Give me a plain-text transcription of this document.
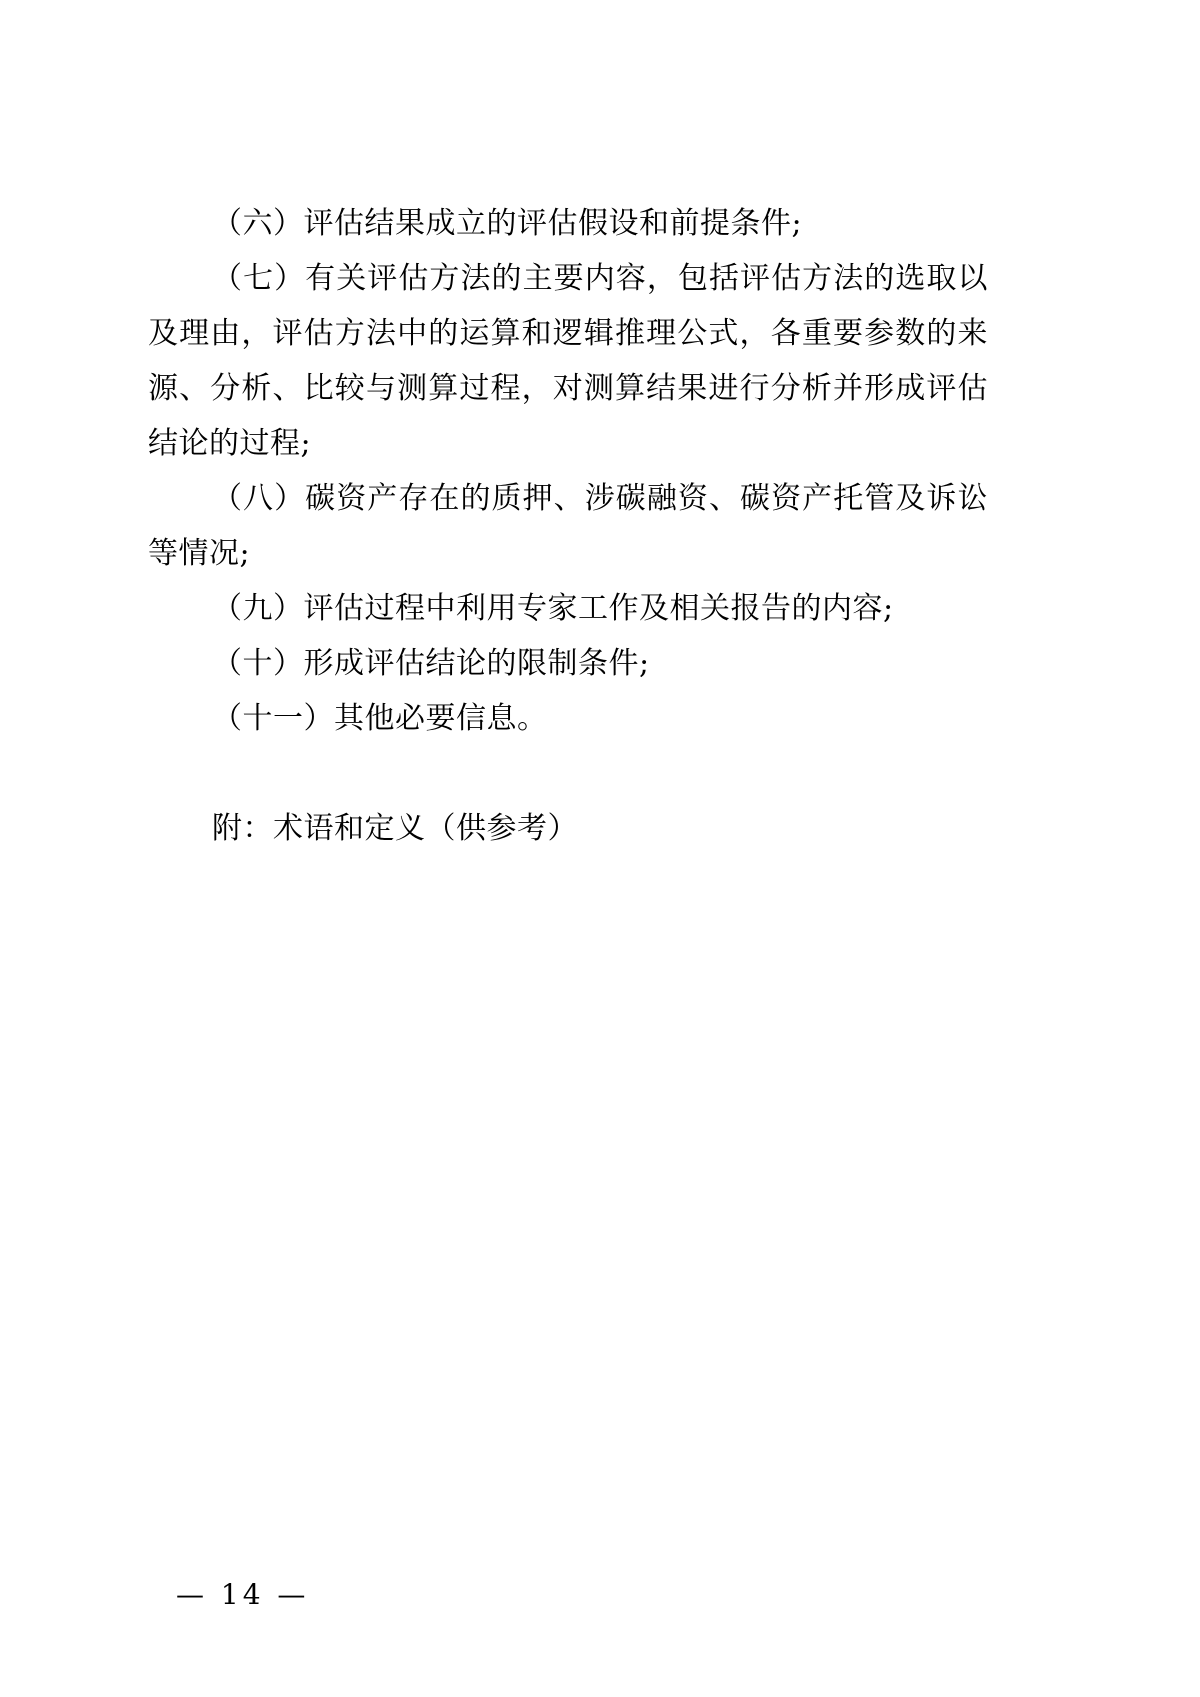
（六）评估结果成立的评估假设和前提条件;

（七）有关评估方法的主要内容，包括评估方法的选取以及理由，评估方法中的运算和逻辑推理公式，各重要参数的来源、分析、比较与测算过程，对测算结果进行分析并形成评估结论的过程;

（八）碳资产存在的质押、涉碳融资、碳资产托管及诉讼等情况;

（九）评估过程中利用专家工作及相关报告的内容;

（十）形成评估结论的限制条件;

（十一）其他必要信息。

附：术语和定义（供参考）

— 14 —
